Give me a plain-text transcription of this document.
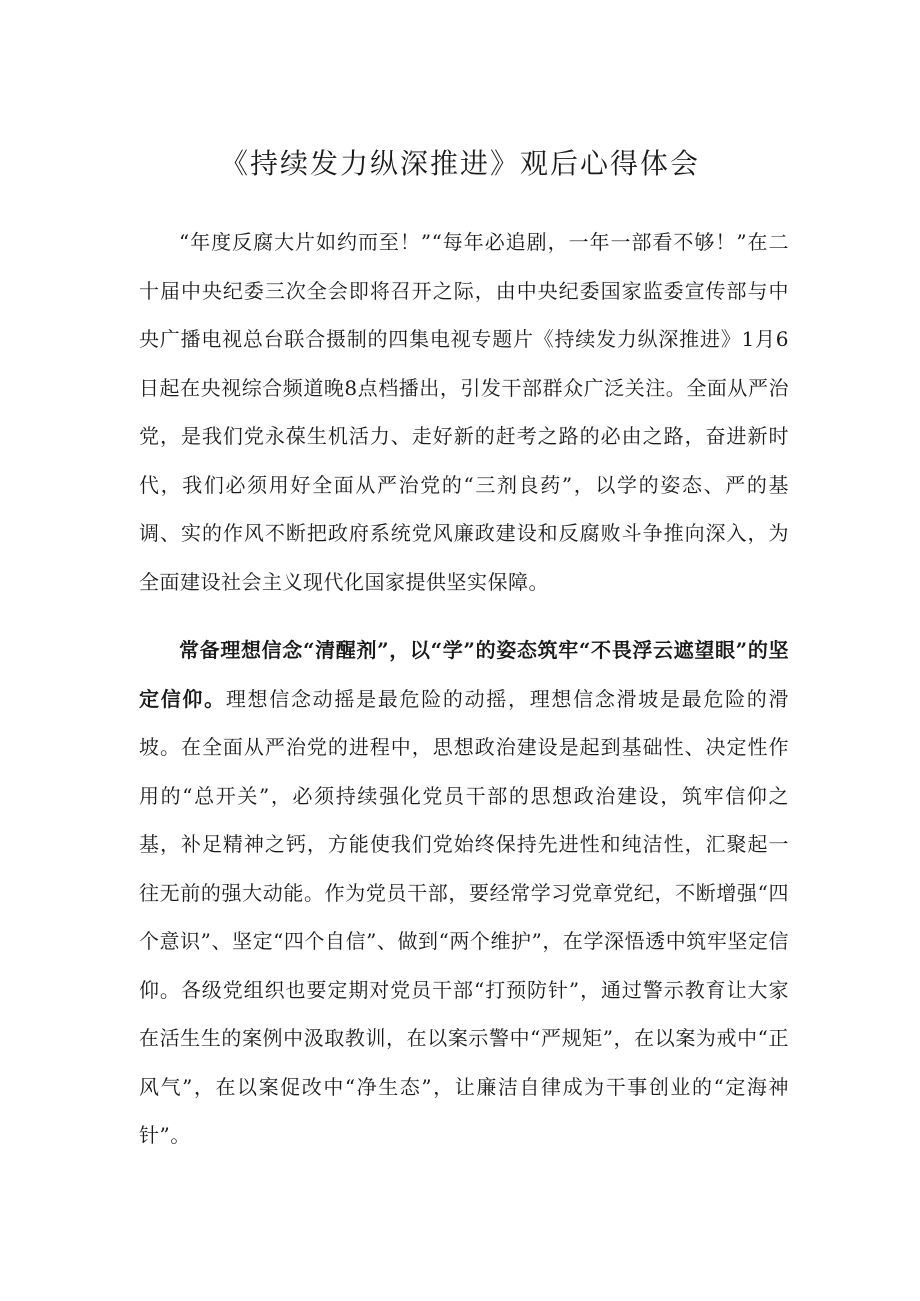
《持续发力纵深推进》观后心得体会

“年度反腐大片如约而至！”“每年必追剧，一年一部看不够！”在二十届中央纪委三次全会即将召开之际，由中央纪委国家监委宣传部与中央广播电视总台联合摄制的四集电视专题片《持续发力纵深推进》1月6日起在央视综合频道晚8点档播出，引发干部群众广泛关注。全面从严治党，是我们党永葆生机活力、走好新的赶考之路的必由之路，奋进新时代，我们必须用好全面从严治党的“三剂良药”，以学的姿态、严的基调、实的作风不断把政府系统党风廉政建设和反腐败斗争推向深入，为全面建设社会主义现代化国家提供坚实保障。

常备理想信念“清醒剂”，以“学”的姿态筑牢“不畏浮云遮望眼”的坚定信仰。理想信念动摇是最危险的动摇，理想信念滑坡是最危险的滑坡。在全面从严治党的进程中，思想政治建设是起到基础性、决定性作用的“总开关”，必须持续强化党员干部的思想政治建设，筑牢信仰之基，补足精神之钙，方能使我们党始终保持先进性和纯洁性，汇聚起一往无前的强大动能。作为党员干部，要经常学习党章党纪，不断增强“四个意识”、坚定“四个自信”、做到“两个维护”，在学深悟透中筑牢坚定信仰。各级党组织也要定期对党员干部“打预防针”，通过警示教育让大家在活生生的案例中汲取教训，在以案示警中“严规矩”，在以案为戒中“正风气”，在以案促改中“净生态”，让廉洁自律成为干事创业的“定海神针”。
